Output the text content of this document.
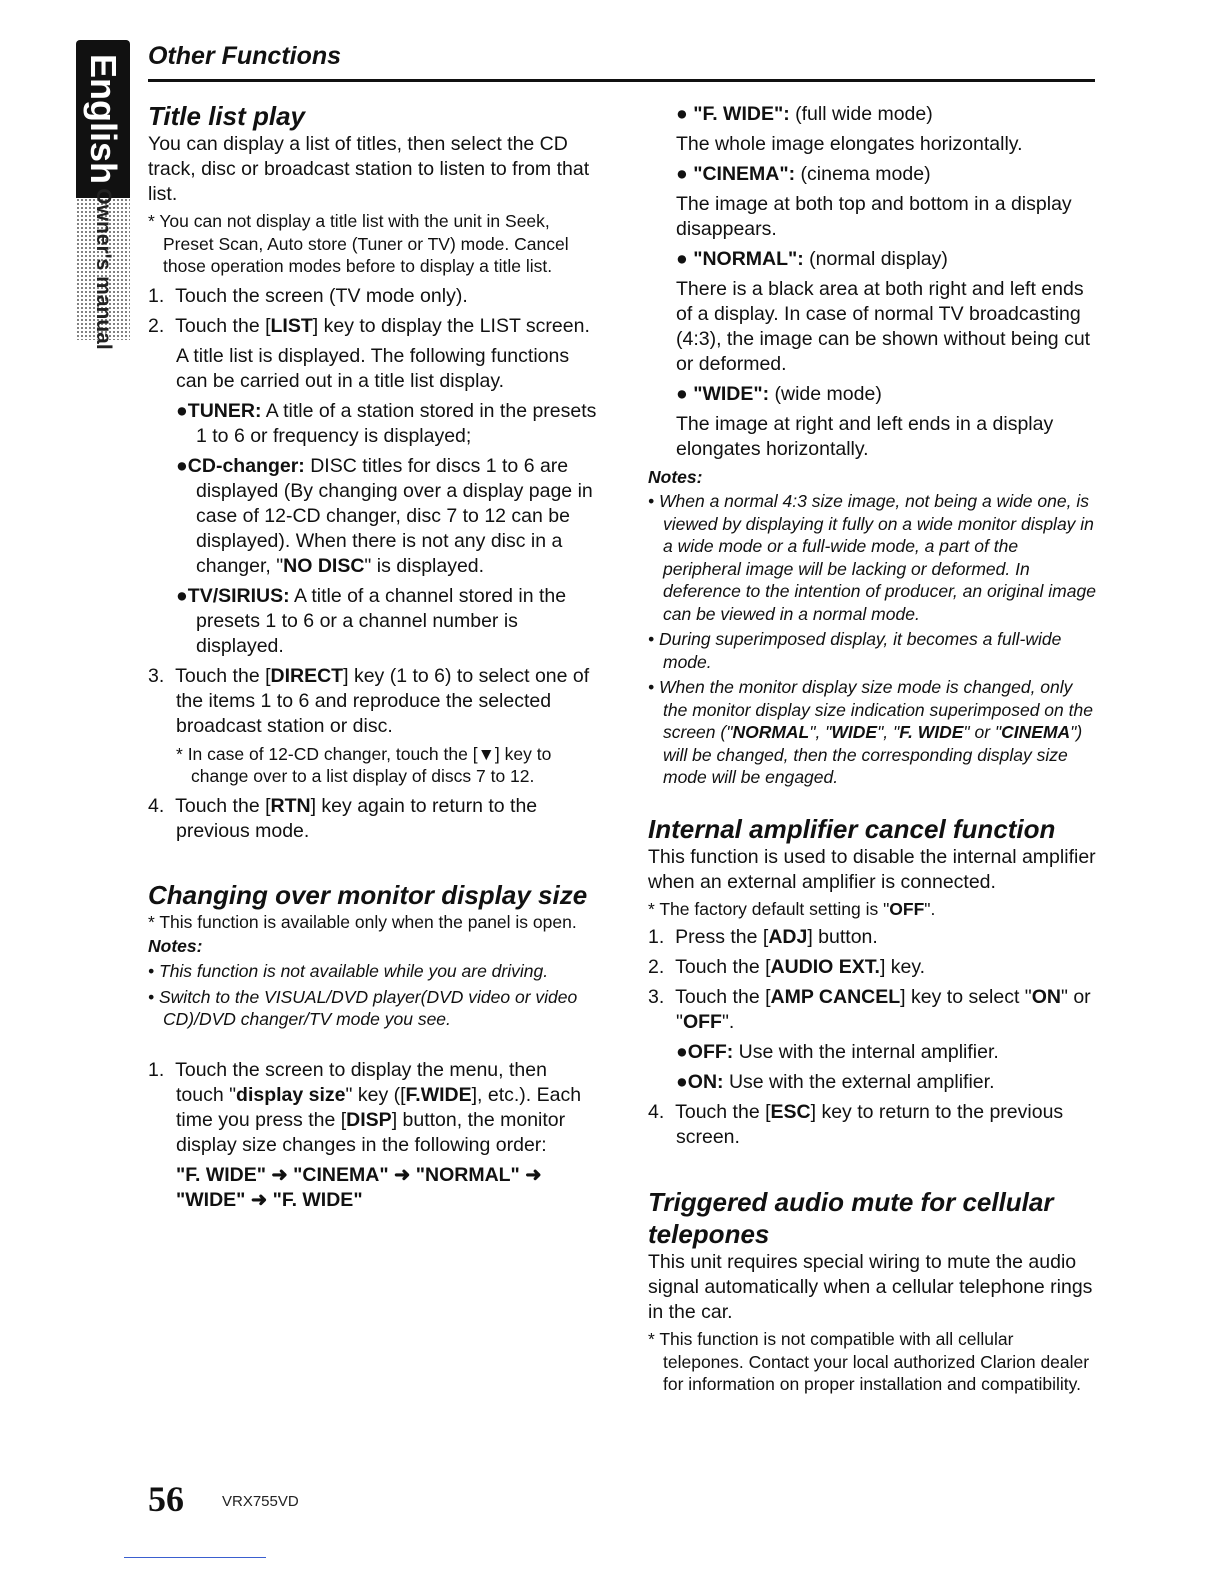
English
Owner's manual
Other Functions
Title list play

You can display a list of titles, then select the CD track, disc or broadcast station to listen to from that list.

* You can not display a title list with the unit in Seek, Preset Scan, Auto store (Tuner or TV) mode. Cancel those operation modes before to display a title list.

1.  Touch the screen (TV mode only).
2.  Touch the [LIST] key to display the LIST screen.

A title list is displayed. The following functions can be carried out in a title list display.

●TUNER: A title of a station stored in the presets 1 to 6 or frequency is displayed;
●CD-changer: DISC titles for discs 1 to 6 are displayed (By changing over a display page in case of 12-CD changer, disc 7 to 12 can be displayed). When there is not any disc in a changer, "NO DISC" is displayed.
●TV/SIRIUS: A title of a channel stored in the presets 1 to 6 or a channel number is displayed.
3.  Touch the [DIRECT] key (1 to 6) to select one of the items 1 to 6 and reproduce the selected broadcast station or disc.

* In case of 12-CD changer, touch the [▼] key to change over to a list display of discs 7 to 12.

4.  Touch the [RTN] key again to return to the previous mode.
Changing over monitor display size

* This function is available only when the panel is open.

Notes:
• This function is not available while you are driving.
• Switch to the VISUAL/DVD player(DVD video or video CD)/DVD changer/TV mode you see.
1.  Touch the screen to display the menu, then touch "display size" key ([F.WIDE], etc.). Each time you press the [DISP] button, the monitor display size changes in the following order:
"F. WIDE" ➜ "CINEMA" ➜ "NORMAL" ➜
"WIDE" ➜ "F. WIDE"
● "F. WIDE": (full wide mode)

The whole image elongates horizontally.

● "CINEMA": (cinema mode)

The image at both top and bottom in a display disappears.

● "NORMAL": (normal display)

There is a black area at both right and left ends of a display. In case of normal TV broadcasting (4:3), the image can be shown without being cut or deformed.

● "WIDE": (wide mode)

The image at right and left ends in a display elongates horizontally.

Notes:
• When a normal 4:3 size image, not being a wide one, is viewed by displaying it fully on a wide monitor display in a wide mode or a full-wide mode, a part of the peripheral image will be lacking or deformed. In deference to the intention of producer, an original image can be viewed in a normal mode.
• During superimposed display, it becomes a full-wide mode.
• When the monitor display size mode is changed, only the monitor display size indication superimposed on the screen ("NORMAL", "WIDE", "F. WIDE" or "CINEMA") will be changed, then the corresponding display size mode will be engaged.
Internal amplifier cancel function

This function is used to disable the internal amplifier when an external amplifier is connected.

* The factory default setting is "OFF".

1.  Press the [ADJ] button.
2.  Touch the [AUDIO EXT.] key.
3.  Touch the [AMP CANCEL] key to select "ON" or "OFF".
●OFF: Use with the internal amplifier.
●ON: Use with the external amplifier.
4.  Touch the [ESC] key to return to the previous screen.
Triggered audio mute for cellular telepones

This unit requires special wiring to mute the audio signal automatically when a cellular telephone rings in the car.

* This function is not compatible with all cellular telepones. Contact your local authorized Clarion dealer for information on proper installation and compatibility.

56	VRX755VD
